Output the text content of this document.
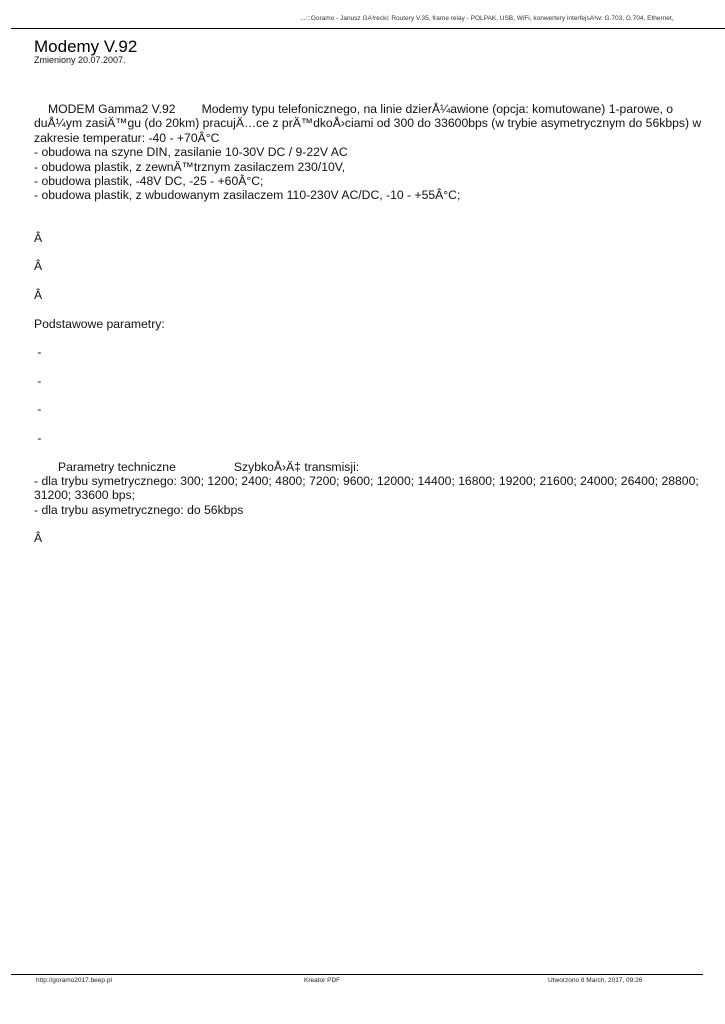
...:::Goramo - Janusz GÃ³recki: Routery V.35, frame relay - POLPAK, USB, WiFi, konwertery interfejsÃ³w: G.703, G.704, Ethernet,
Modemy V.92
Zmieniony 20.07.2007.

MODEM Gamma2 V.92 Modemy typu telefonicznego, na linie dzierÅ¼awione (opcja: komutowane) 1-parowe, o duÅ¼ym zasiÄ™gu (do 20km) pracujÄ…ce z prÄ™dkoÅ›ciami od 300 do 33600bps (w trybie asymetrycznym do 56kbps) w zakresie temperatur: -40 - +70Â°C

- obudowa na szyne DIN, zasilanie 10-30V DC / 9-22V AC
- obudowa plastik, z zewnÄ™trznym zasilaczem 230/10V,
- obudowa plastik, -48V DC, -25 - +60Â°C;
- obudowa plastik, z wbudowanym zasilaczem 110-230V AC/DC, -10 - +55Â°C;
Â
Â
Â
Podstawowe parametry:
-
-
-
-

Parametry techniczne	SzybkoÅ›Ä‡ transmisji:

- dla trybu symetrycznego: 300; 1200; 2400; 4800; 7200; 9600; 12000; 14400; 16800; 19200; 21600; 24000; 26400; 28800; 31200; 33600 bps;
- dla trybu asymetrycznego: do 56kbps
Â
http://goramo2017.beep.pl	Kreator PDF	Utworzono 8 March, 2017, 09:26
